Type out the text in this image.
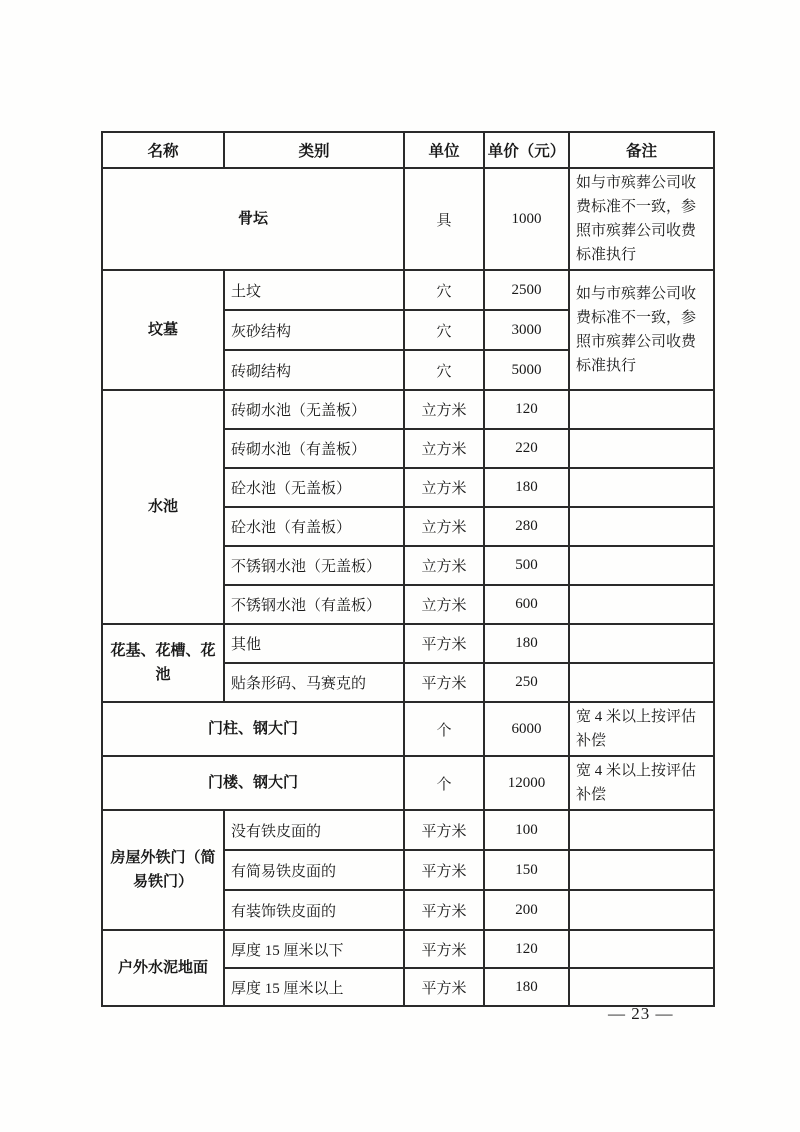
名称	类别	单位	单价（元）	备注
骨坛		具	1000	如与市殡葬公司收费标准不一致，参照市殡葬公司收费标准执行
坟墓	土坟	穴	2500	如与市殡葬公司收费标准不一致，参照市殡葬公司收费标准执行
	灰砂结构	穴	3000	
	砖砌结构	穴	5000	
水池	砖砌水池（无盖板）	立方米	120	
	砖砌水池（有盖板）	立方米	220	
	砼水池（无盖板）	立方米	180	
	砼水池（有盖板）	立方米	280	
	不锈钢水池（无盖板）	立方米	500	
	不锈钢水池（有盖板）	立方米	600	
花基、花槽、花池	其他	平方米	180	
	贴条形码、马赛克的	平方米	250	
门柱、钢大门		个	6000	宽 4 米以上按评估补偿
门楼、钢大门		个	12000	宽 4 米以上按评估补偿
房屋外铁门（简易铁门）	没有铁皮面的	平方米	100	
	有简易铁皮面的	平方米	150	
	有装饰铁皮面的	平方米	200	
户外水泥地面	厚度 15 厘米以下	平方米	120	
	厚度 15 厘米以上	平方米	180	
— 23 —
